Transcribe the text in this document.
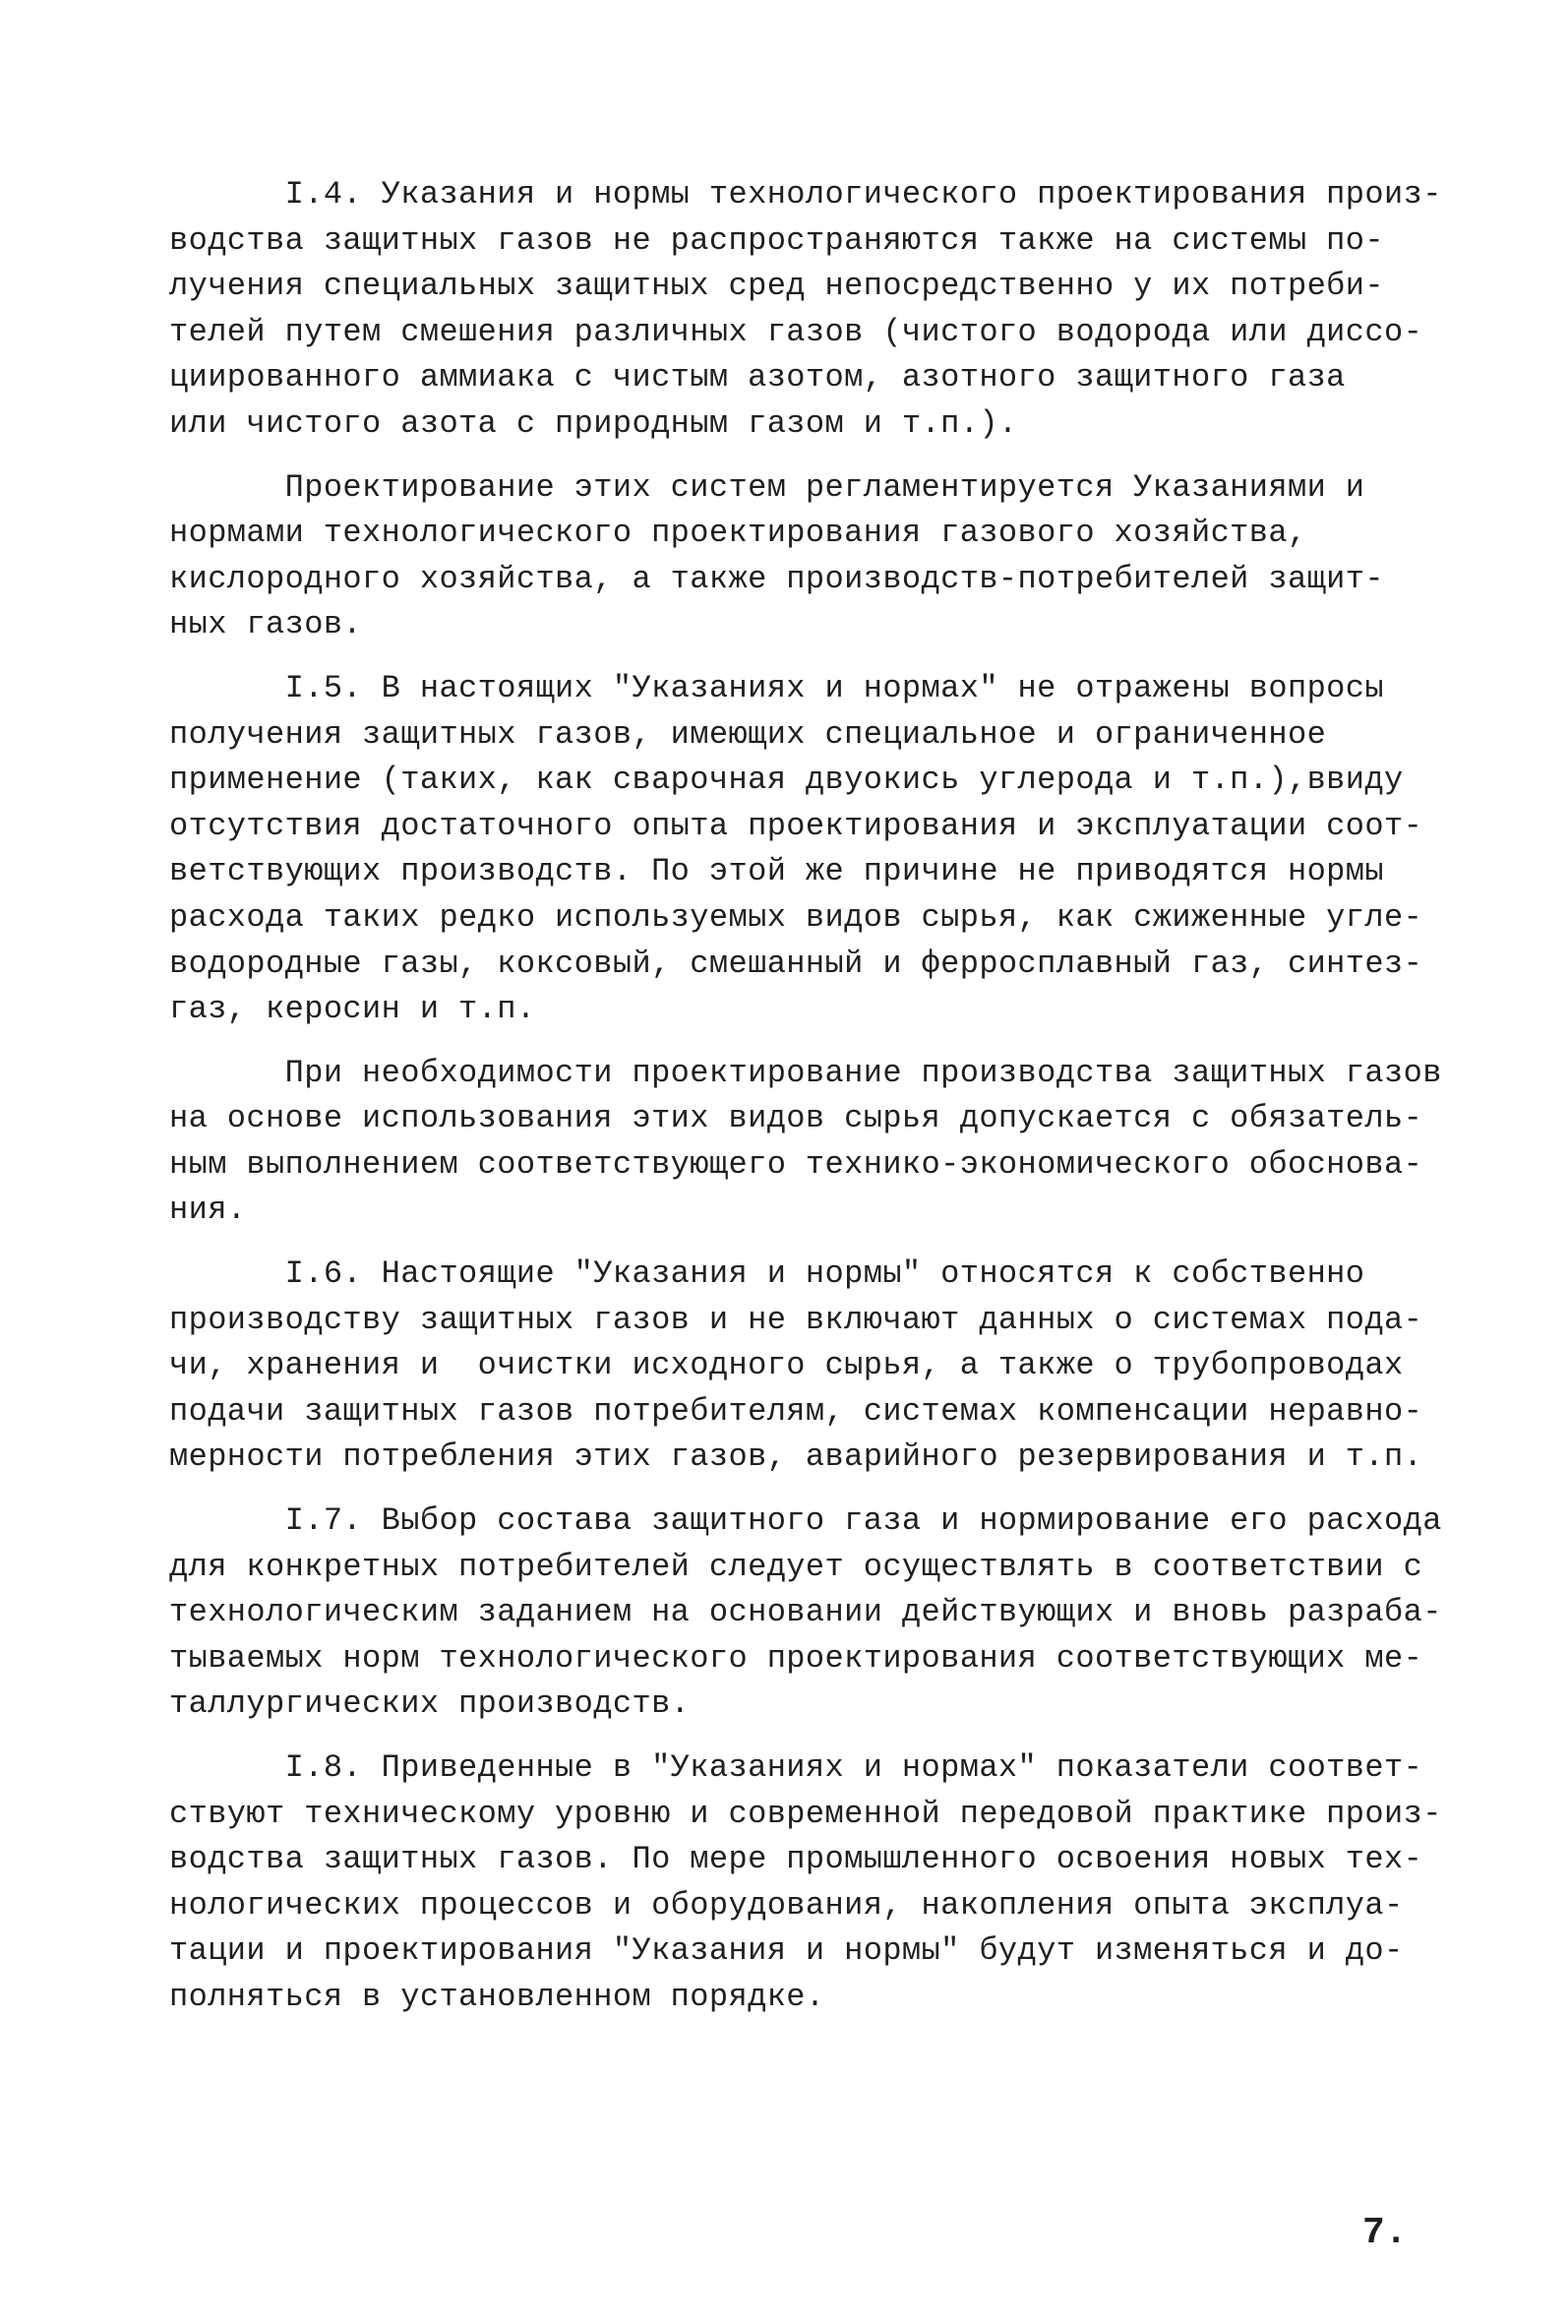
I.4. Указания и нормы технологического проектирования произ-
водства защитных газов не распространяются также на системы по-
лучения специальных защитных сред непосредственно у их потреби-
телей путем смешения различных газов (чистого водорода или диссо-
циированного аммиака с чистым азотом, азотного защитного газа
или чистого азота с природным газом и т.п.).
Проектирование этих систем регламентируется Указаниями и
нормами технологического проектирования газового хозяйства,
кислородного хозяйства, а также производств-потребителей защит-
ных газов.
I.5. В настоящих "Указаниях и нормах" не отражены вопросы
получения защитных газов, имеющих специальное и ограниченное
применение (таких, как сварочная двуокись углерода и т.п.),ввиду
отсутствия достаточного опыта проектирования и эксплуатации соот-
ветствующих производств. По этой же причине не приводятся нормы
расхода таких редко используемых видов сырья, как сжиженные угле-
водородные газы, коксовый, смешанный и ферросплавный газ, синтез-
газ, керосин и т.п.
При необходимости проектирование производства защитных газов
на основе использования этих видов сырья допускается с обязатель-
ным выполнением соответствующего технико-экономического обоснова-
ния.
I.6. Настоящие "Указания и нормы" относятся к собственно
производству защитных газов и не включают данных о системах пода-
чи, хранения и  очистки исходного сырья, а также о трубопроводах
подачи защитных газов потребителям, системах компенсации неравно-
мерности потребления этих газов, аварийного резервирования и т.п.
I.7. Выбор состава защитного газа и нормирование его расхода
для конкретных потребителей следует осуществлять в соответствии с
технологическим заданием на основании действующих и вновь разраба-
тываемых норм технологического проектирования соответствующих ме-
таллургических производств.
I.8. Приведенные в "Указаниях и нормах" показатели соответ-
ствуют техническому уровню и современной передовой практике произ-
водства защитных газов. По мере промышленного освоения новых тех-
нологических процессов и оборудования, накопления опыта эксплуа-
тации и проектирования "Указания и нормы" будут изменяться и до-
полняться в установленном порядке.
7.
